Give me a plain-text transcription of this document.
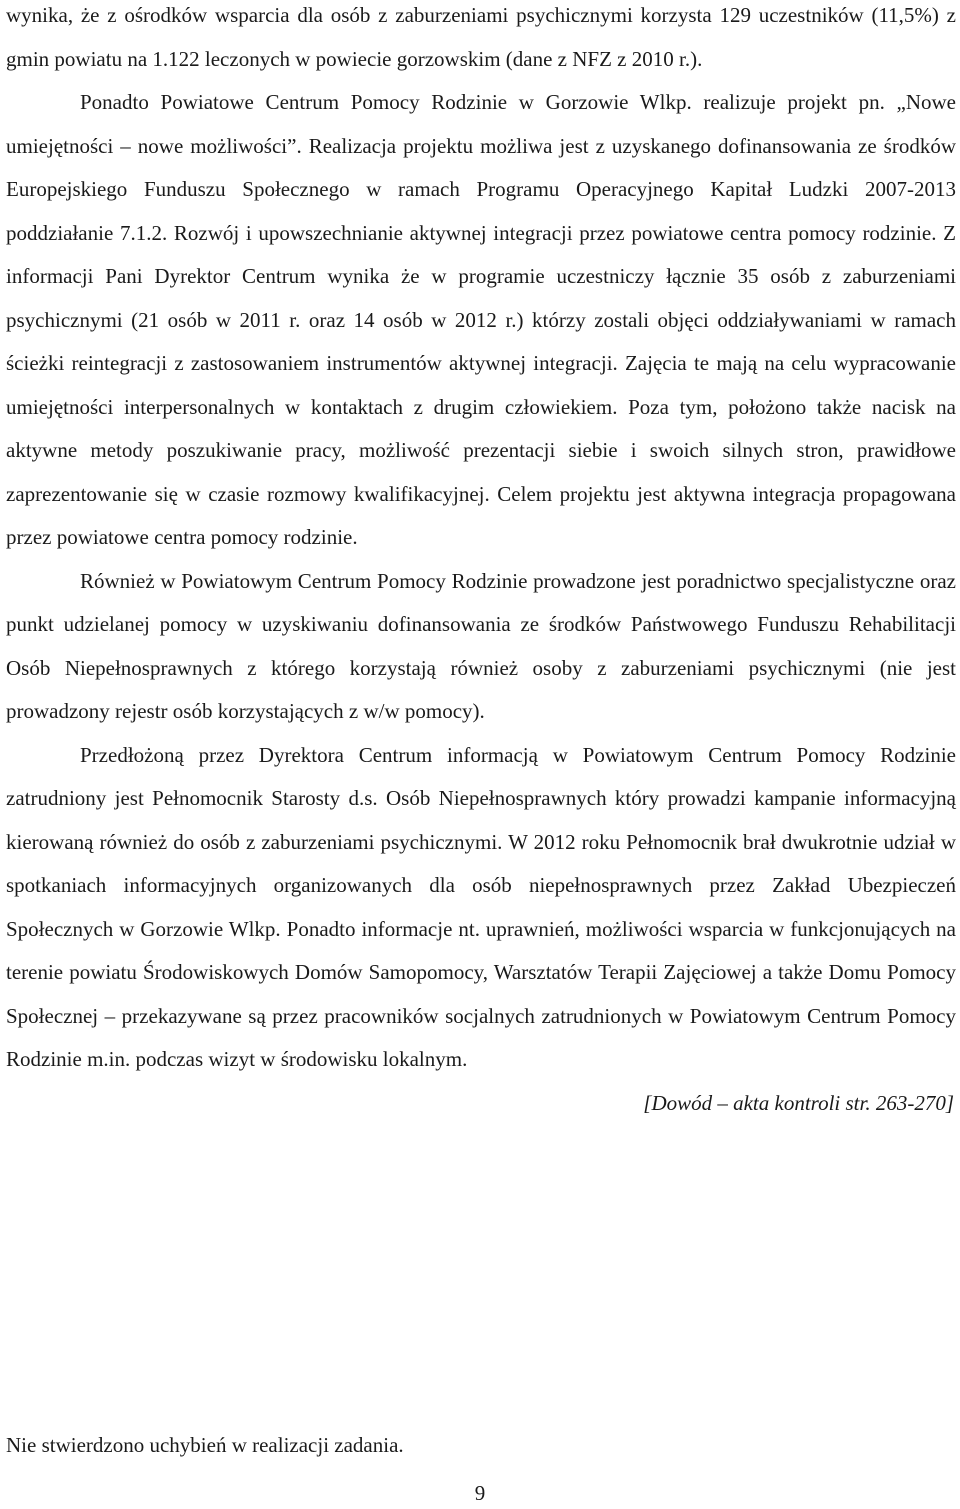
wynika, że z ośrodków wsparcia dla osób z zaburzeniami psychicznymi korzysta 129 uczestników (11,5%) z gmin powiatu na 1.122 leczonych w powiecie gorzowskim (dane z NFZ z 2010 r.).

Ponadto Powiatowe Centrum Pomocy Rodzinie w Gorzowie Wlkp. realizuje projekt pn. „Nowe umiejętności – nowe możliwości”. Realizacja projektu możliwa jest z uzyskanego dofinansowania ze środków Europejskiego Funduszu Społecznego w ramach Programu Operacyjnego Kapitał Ludzki 2007-2013 poddziałanie 7.1.2. Rozwój i upowszechnianie aktywnej integracji przez powiatowe centra pomocy rodzinie. Z informacji Pani Dyrektor Centrum wynika że w programie uczestniczy łącznie 35 osób z zaburzeniami psychicznymi (21 osób w 2011 r. oraz 14 osób w 2012 r.) którzy zostali objęci oddziaływaniami w ramach ścieżki reintegracji z zastosowaniem instrumentów aktywnej integracji. Zajęcia te mają na celu wypracowanie umiejętności interpersonalnych w kontaktach z drugim człowiekiem. Poza tym, położono także nacisk na aktywne metody poszukiwanie pracy, możliwość prezentacji siebie i swoich silnych stron, prawidłowe zaprezentowanie się w czasie rozmowy kwalifikacyjnej. Celem projektu jest aktywna integracja propagowana przez powiatowe centra pomocy rodzinie.

Również w Powiatowym Centrum Pomocy Rodzinie prowadzone jest poradnictwo specjalistyczne oraz punkt udzielanej pomocy w uzyskiwaniu dofinansowania ze środków Państwowego Funduszu Rehabilitacji Osób Niepełnosprawnych z którego korzystają również osoby z zaburzeniami psychicznymi (nie jest prowadzony rejestr osób korzystających z w/w pomocy).

Przedłożoną przez Dyrektora Centrum informacją w Powiatowym Centrum Pomocy Rodzinie zatrudniony jest Pełnomocnik Starosty d.s. Osób Niepełnosprawnych który prowadzi kampanie informacyjną kierowaną również do osób z zaburzeniami psychicznymi. W 2012 roku Pełnomocnik brał dwukrotnie udział w spotkaniach informacyjnych organizowanych dla osób niepełnosprawnych przez Zakład Ubezpieczeń Społecznych w Gorzowie Wlkp. Ponadto informacje nt. uprawnień, możliwości wsparcia w funkcjonujących na terenie powiatu Środowiskowych Domów Samopomocy, Warsztatów Terapii Zajęciowej a także Domu Pomocy Społecznej – przekazywane są przez pracowników socjalnych zatrudnionych w Powiatowym Centrum Pomocy Rodzinie m.in. podczas wizyt w środowisku lokalnym.

[Dowód – akta kontroli str. 263-270]

Nie stwierdzono uchybień w realizacji zadania.

9
